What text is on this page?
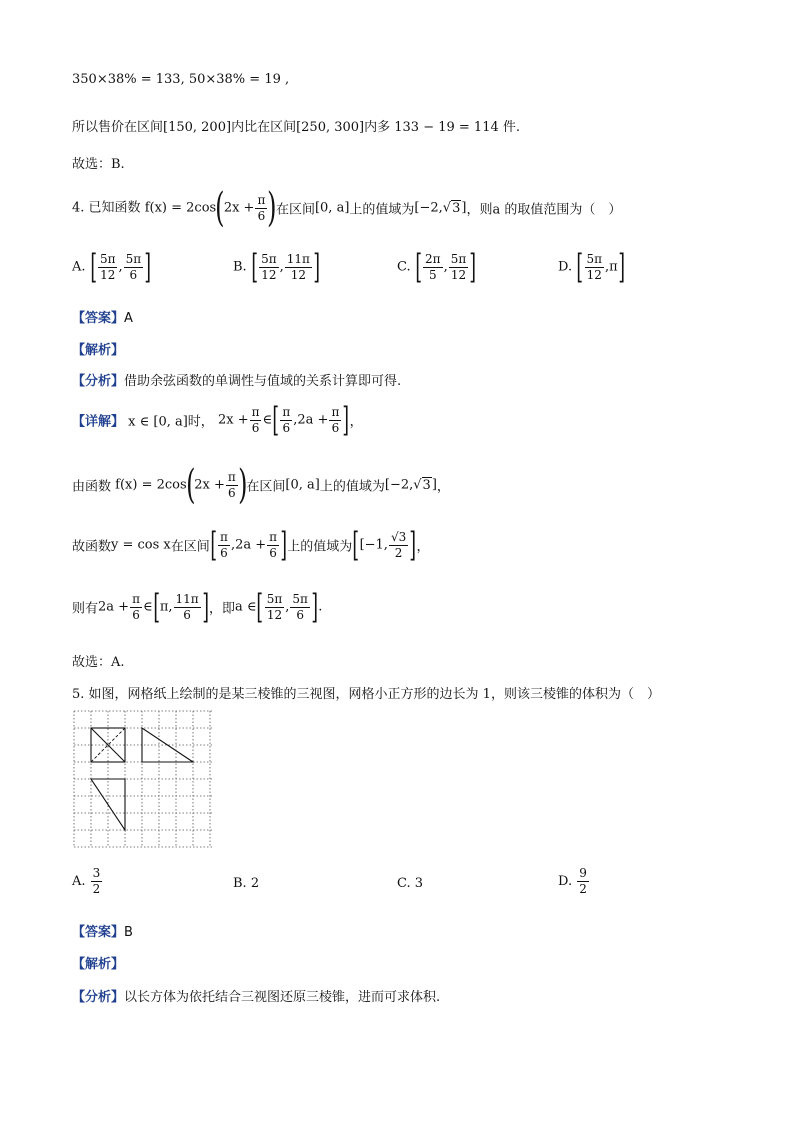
350×38% = 133, 50×38% = 19 ,
所以售价在区间[150, 200]内比在区间[250, 300]内多 133 − 19 = 114 件.
故选：B.
4. 已知函数 $f(x) = 2\cos(2x + \frac{\pi}{6}$ )在区间[0, a]上的值域为[−2,√3]，则a 的取值范围为（　）
A. [ $\frac{5\pi}{12}$ , $\frac{5\pi}{6}$ ]	B. [ $\frac{5\pi}{12}$ , $\frac{11\pi}{12}$ ]	C. [ $\frac{2\pi}{5}$ , $\frac{5\pi}{12}$ ]	D. [ $\frac{5\pi}{12} ,\pi$]
【答案】A
【解析】
【分析】借助余弦函数的单调性与值域的关系计算即可得.
【详解】 x ∈ [0, a]时， $2x + \frac{\pi}{6}$ ∈[ $\frac{\pi}{6} ,2a + \frac{\pi}{6}$ ]，
由函数 $f(x) = 2\cos(2x + \frac{\pi}{6}$ )在区间[0, a]上的值域为[−2,√3]，
故函数y = cos x在区间[ $\frac{\pi}{6} ,2a + \frac{\pi}{6}$ ]上的值域为[[−1, $\frac{√3}{2}$ ]，
则有$2a + \frac{\pi}{6}$ ∈[π, $\frac{11\pi}{6}$ ]，即a ∈[ $\frac{5\pi}{12}$ , $\frac{5\pi}{6}$ ].
故选：A.
5. 如图，网格纸上绘制的是某三棱锥的三视图，网格小正方形的边长为 1，则该三棱锥的体积为（　）
A. $\frac{3}{2}$	B. 2	C. 3	D. $\frac{9}{2}$
【答案】B
【解析】
【分析】以长方体为依托结合三视图还原三棱锥，进而可求体积.
